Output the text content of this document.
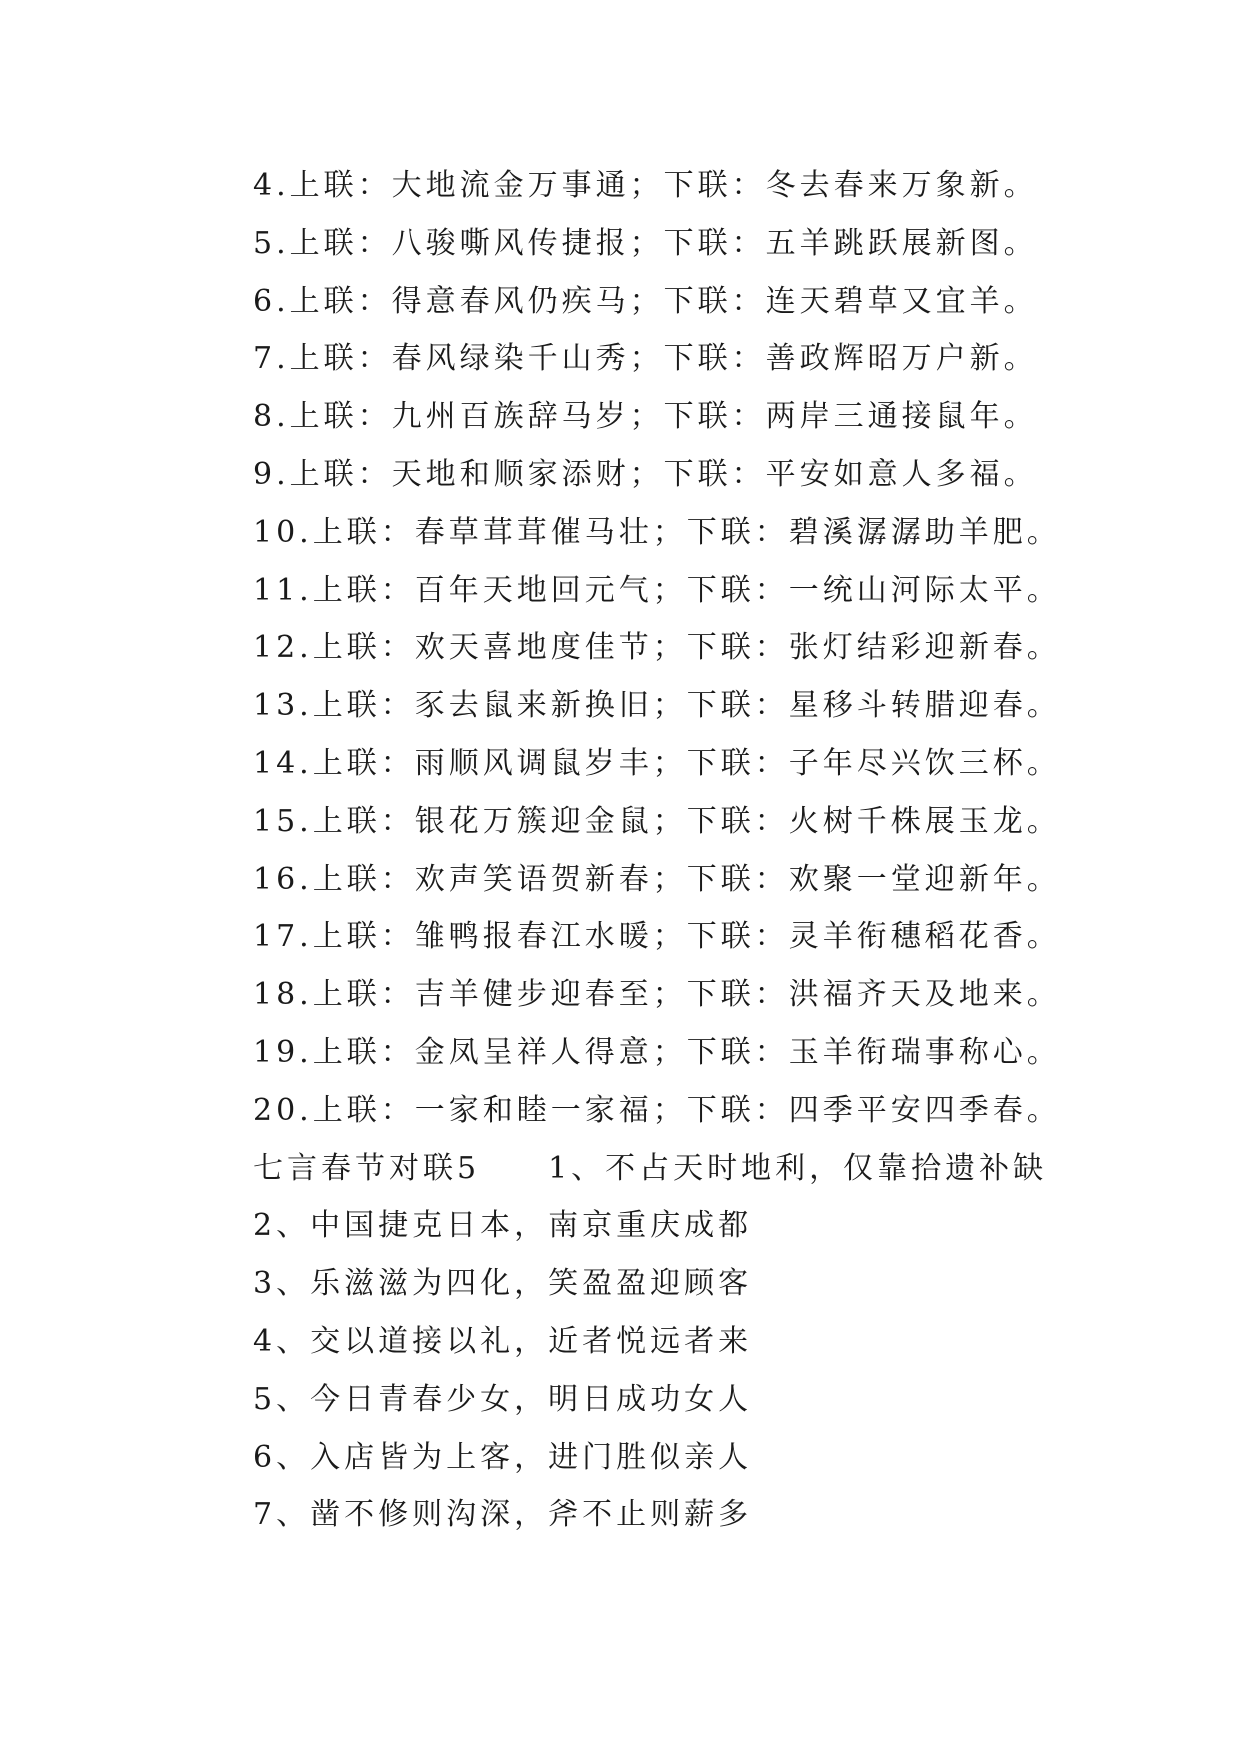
4.上联：大地流金万事通；下联：冬去春来万象新。
5.上联：八骏嘶风传捷报；下联：五羊跳跃展新图。
6.上联：得意春风仍疾马；下联：连天碧草又宜羊。
7.上联：春风绿染千山秀；下联：善政辉昭万户新。
8.上联：九州百族辞马岁；下联：两岸三通接鼠年。
9.上联：天地和顺家添财；下联：平安如意人多福。
10.上联：春草茸茸催马壮；下联：碧溪潺潺助羊肥。
11.上联：百年天地回元气；下联：一统山河际太平。
12.上联：欢天喜地度佳节；下联：张灯结彩迎新春。
13.上联：豕去鼠来新换旧；下联：星移斗转腊迎春。
14.上联：雨顺风调鼠岁丰；下联：子年尽兴饮三杯。
15.上联：银花万簇迎金鼠；下联：火树千株展玉龙。
16.上联：欢声笑语贺新春；下联：欢聚一堂迎新年。
17.上联：雏鸭报春江水暖；下联：灵羊衔穗稻花香。
18.上联：吉羊健步迎春至；下联：洪福齐天及地来。
19.上联：金凤呈祥人得意；下联：玉羊衔瑞事称心。
20.上联：一家和睦一家福；下联：四季平安四季春。
七言春节对联5　　1、不占天时地利，仅靠拾遗补缺
2、中国捷克日本，南京重庆成都
3、乐滋滋为四化，笑盈盈迎顾客
4、交以道接以礼，近者悦远者来
5、今日青春少女，明日成功女人
6、入店皆为上客，进门胜似亲人
7、凿不修则沟深，斧不止则薪多
